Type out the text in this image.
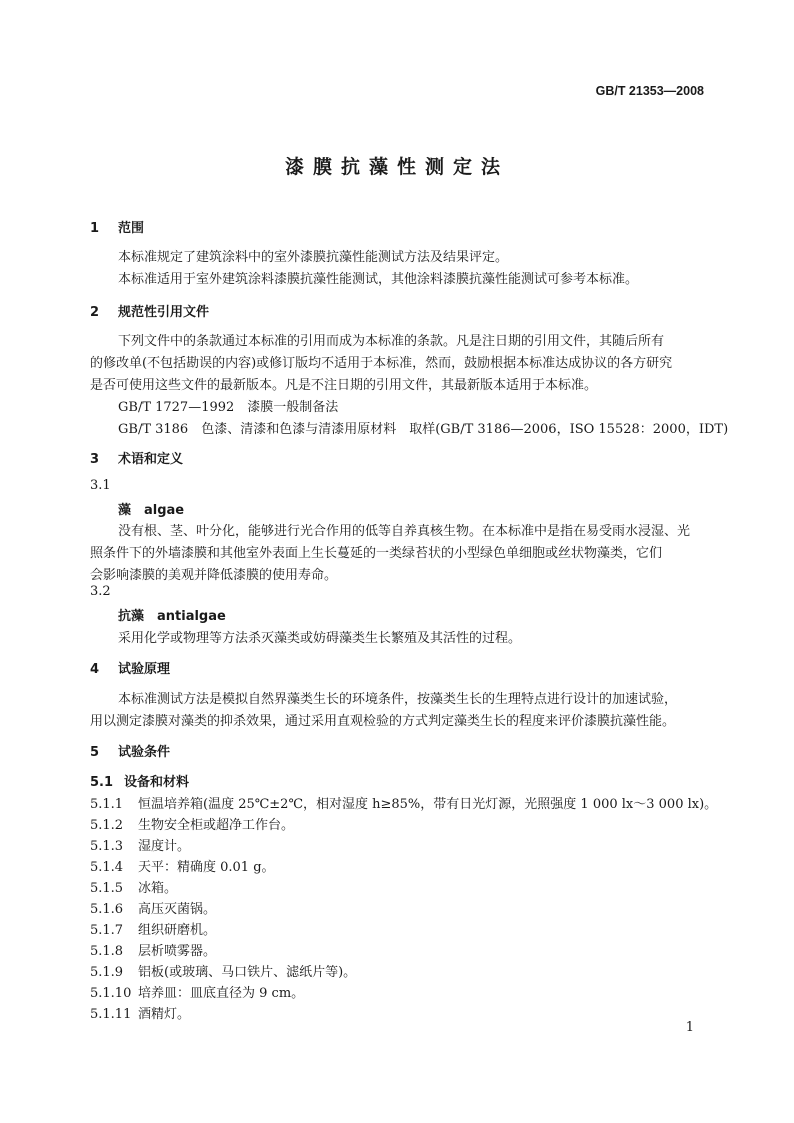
GB/T 21353—2008
漆膜抗藻性测定法
1 范围
本标准规定了建筑涂料中的室外漆膜抗藻性能测试方法及结果评定。
本标准适用于室外建筑涂料漆膜抗藻性能测试，其他涂料漆膜抗藻性能测试可参考本标准。
2 规范性引用文件
下列文件中的条款通过本标准的引用而成为本标准的条款。凡是注日期的引用文件，其随后所有
的修改单(不包括勘误的内容)或修订版均不适用于本标准，然而，鼓励根据本标准达成协议的各方研究
是否可使用这些文件的最新版本。凡是不注日期的引用文件，其最新版本适用于本标准。
GB/T 1727—1992　漆膜一般制备法
GB/T 3186　色漆、清漆和色漆与清漆用原材料　取样(GB/T 3186—2006，ISO 15528：2000，IDT)
3 术语和定义
3.1
藻　algae
没有根、茎、叶分化，能够进行光合作用的低等自养真核生物。在本标准中是指在易受雨水浸湿、光
照条件下的外墙漆膜和其他室外表面上生长蔓延的一类绿苔状的小型绿色单细胞或丝状物藻类，它们
会影响漆膜的美观并降低漆膜的使用寿命。
3.2
抗藻　antialgae
采用化学或物理等方法杀灭藻类或妨碍藻类生长繁殖及其活性的过程。
4 试验原理
本标准测试方法是模拟自然界藻类生长的环境条件，按藻类生长的生理特点进行设计的加速试验，
用以测定漆膜对藻类的抑杀效果，通过采用直观检验的方式判定藻类生长的程度来评价漆膜抗藻性能。
5 试验条件
5.1 设备和材料
5.1.1 恒温培养箱(温度 25℃±2℃，相对湿度 h≥85%，带有日光灯源，光照强度 1 000 lx～3 000 lx)。
5.1.2 生物安全柜或超净工作台。
5.1.3 湿度计。
5.1.4 天平：精确度 0.01 g。
5.1.5 冰箱。
5.1.6 高压灭菌锅。
5.1.7 组织研磨机。
5.1.8 层析喷雾器。
5.1.9 铝板(或玻璃、马口铁片、滤纸片等)。
5.1.10 培养皿：皿底直径为 9 cm。
5.1.11 酒精灯。
1
